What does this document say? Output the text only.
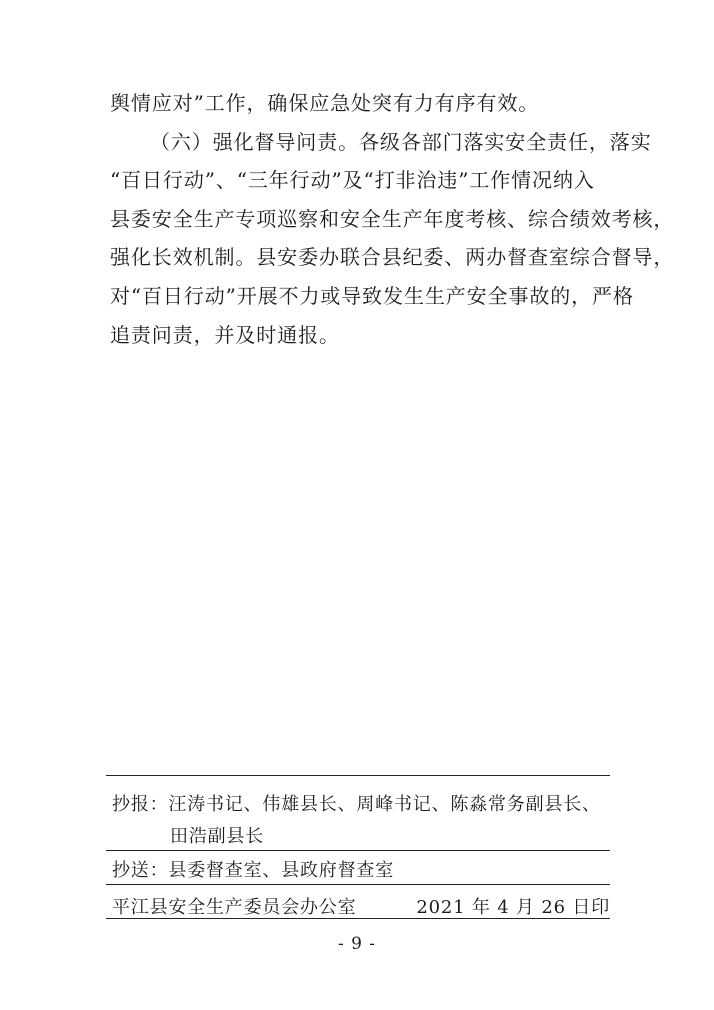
舆情应对”工作，确保应急处突有力有序有效。
（六）强化督导问责。各级各部门落实安全责任，落实
“百日行动”、“三年行动”及“打非治违”工作情况纳入
县委安全生产专项巡察和安全生产年度考核、综合绩效考核，
强化长效机制。县安委办联合县纪委、两办督查室综合督导，
对“百日行动”开展不力或导致发生生产安全事故的，严格
追责问责，并及时通报。
抄报：汪涛书记、伟雄县长、周峰书记、陈淼常务副县长、
田浩副县长
抄送：县委督查室、县政府督查室
平江县安全生产委员会办公室	2021 年 4 月 26 日印
- 9 -
